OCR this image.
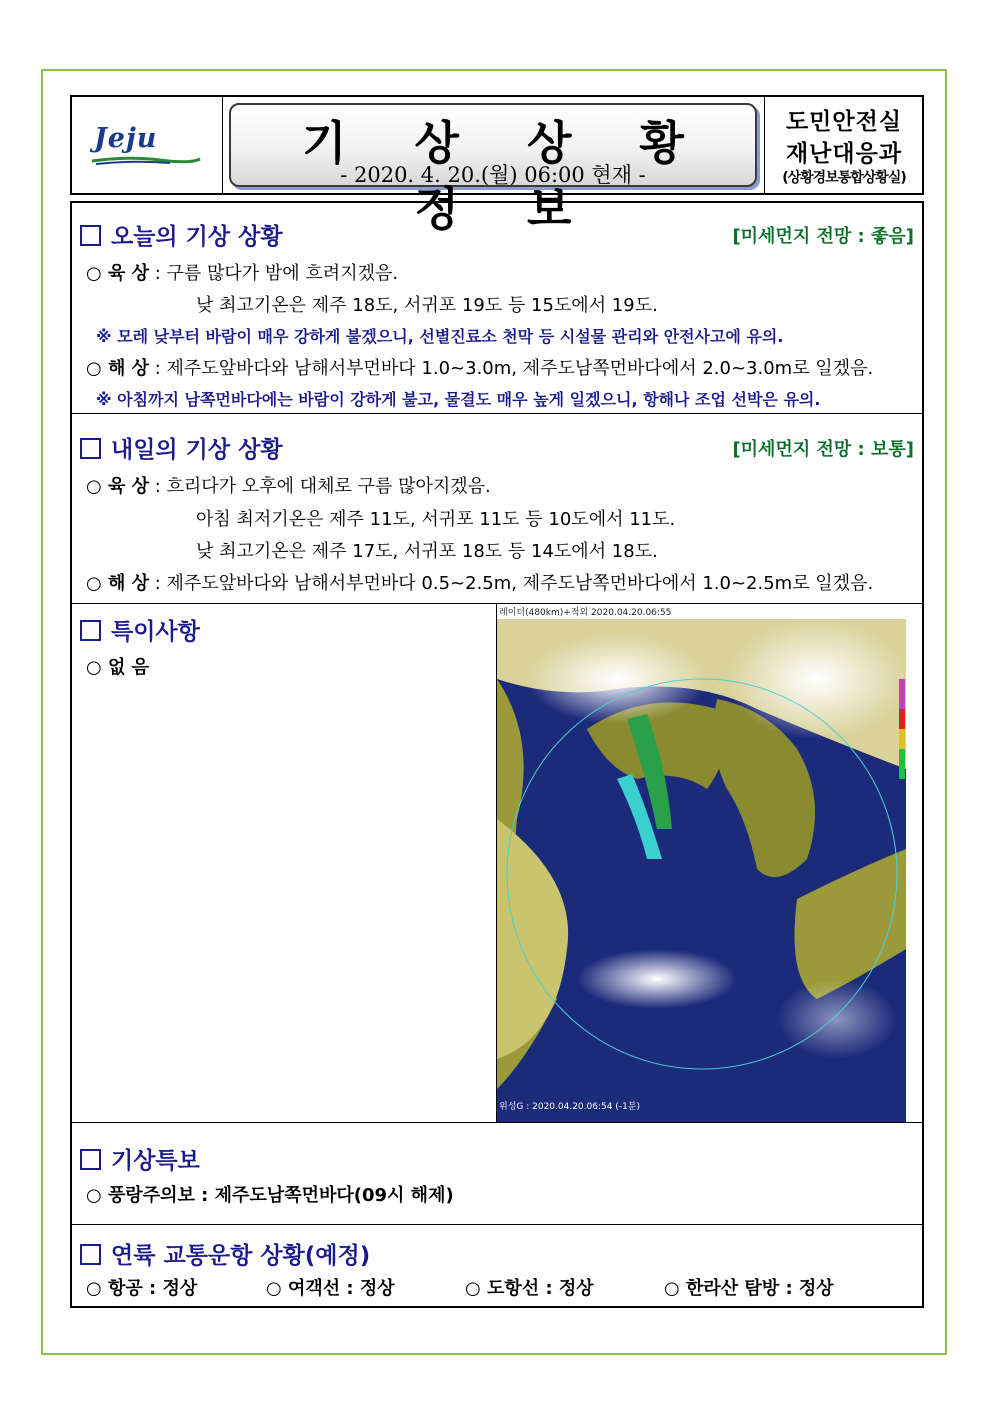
Jeju	기 상 상 황 정 보
- 2020. 4. 20.(월) 06:00 현재 -
도민안전실
재난대응과
(상황경보통합상황실)
오늘의 기상 상황	[미세먼지 전망 : 좋음]
○ 육 상 : 구름 많다가 밤에 흐려지겠음.
낮 최고기온은 제주 18도, 서귀포 19도 등 15도에서 19도.
※ 모레 낮부터 바람이 매우 강하게 불겠으니, 선별진료소 천막 등 시설물 관리와 안전사고에 유의.
○ 해 상 : 제주도앞바다와 남해서부먼바다 1.0~3.0m, 제주도남쪽먼바다에서 2.0~3.0m로 일겠음.
※ 아침까지 남쪽먼바다에는 바람이 강하게 불고, 물결도 매우 높게 일겠으니, 항해나 조업 선박은 유의.
내일의 기상 상황	[미세먼지 전망 : 보통]
○ 육 상 : 흐리다가 오후에 대체로 구름 많아지겠음.
아침 최저기온은 제주 11도, 서귀포 11도 등 10도에서 11도.
낮 최고기온은 제주 17도, 서귀포 18도 등 14도에서 18도.
○ 해 상 : 제주도앞바다와 남해서부먼바다 0.5~2.5m, 제주도남쪽먼바다에서 1.0~2.5m로 일겠음.
특이사항
○ 없 음
레이더(480km)+적외 2020.04.20.06:55
위성G : 2020.04.20.06:54 (-1분)
기상특보
○ 풍랑주의보 : 제주도남쪽먼바다(09시 해제)
연륙 교통운항 상황(예정)
○ 항공 : 정상	○ 여객선 : 정상	○ 도항선 : 정상	○ 한라산 탐방 : 정상
